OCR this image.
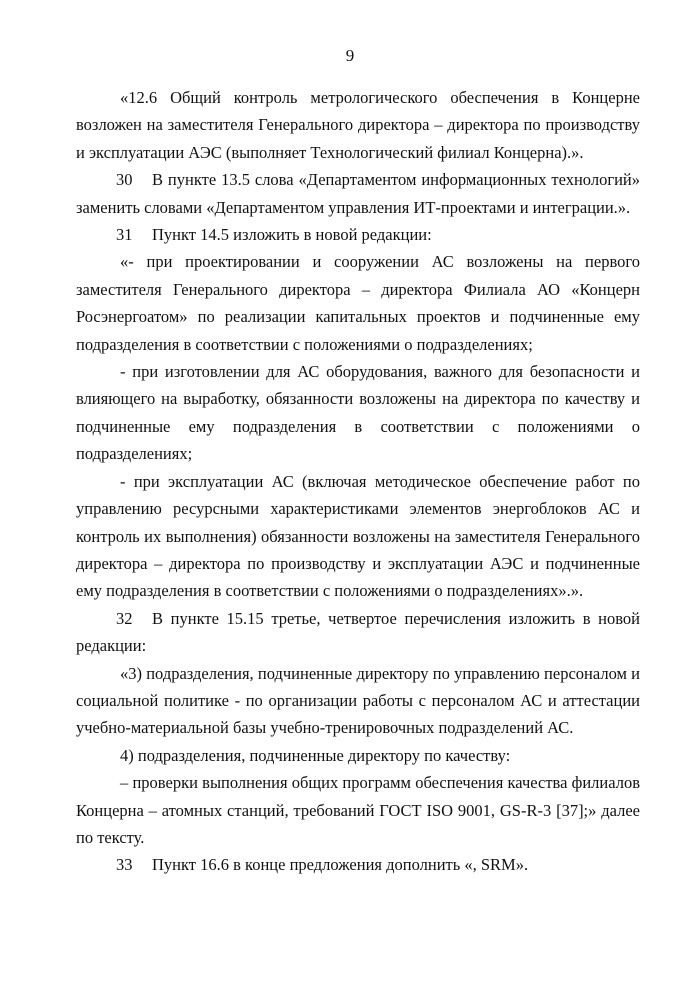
9

«12.6 Общий контроль метрологического обеспечения в Концерне возложен на заместителя Генерального директора – директора по производству и эксплуатации АЭС (выполняет Технологический филиал Концерна).».

30 В пункте 13.5 слова «Департаментом информационных технологий» заменить словами «Департаментом управления ИТ-проектами и интеграции.».

31 Пункт 14.5 изложить в новой редакции:

«- при проектировании и сооружении АС возложены на первого заместителя Генерального директора – директора Филиала АО «Концерн Росэнергоатом» по реализации капитальных проектов и подчиненные ему подразделения в соответствии с положениями о подразделениях;

- при изготовлении для АС оборудования, важного для безопасности и влияющего на выработку, обязанности возложены на директора по качеству и подчиненные ему подразделения в соответствии с положениями о подразделениях;

- при эксплуатации АС (включая методическое обеспечение работ по управлению ресурсными характеристиками элементов энергоблоков АС и контроль их выполнения) обязанности возложены на заместителя Генерального директора – директора по производству и эксплуатации АЭС и подчиненные ему подразделения в соответствии с положениями о подразделениях».».

32 В пункте 15.15 третье, четвертое перечисления изложить в новой редакции:

«3) подразделения, подчиненные директору по управлению персоналом и социальной политике - по организации работы с персоналом АС и аттестации учебно-материальной базы учебно-тренировочных подразделений АС.

4) подразделения, подчиненные директору по качеству:

– проверки выполнения общих программ обеспечения качества филиалов Концерна – атомных станций, требований ГОСТ ISO 9001, GS-R-3 [37];» далее по тексту.

33 Пункт 16.6 в конце предложения дополнить «, SRM».
